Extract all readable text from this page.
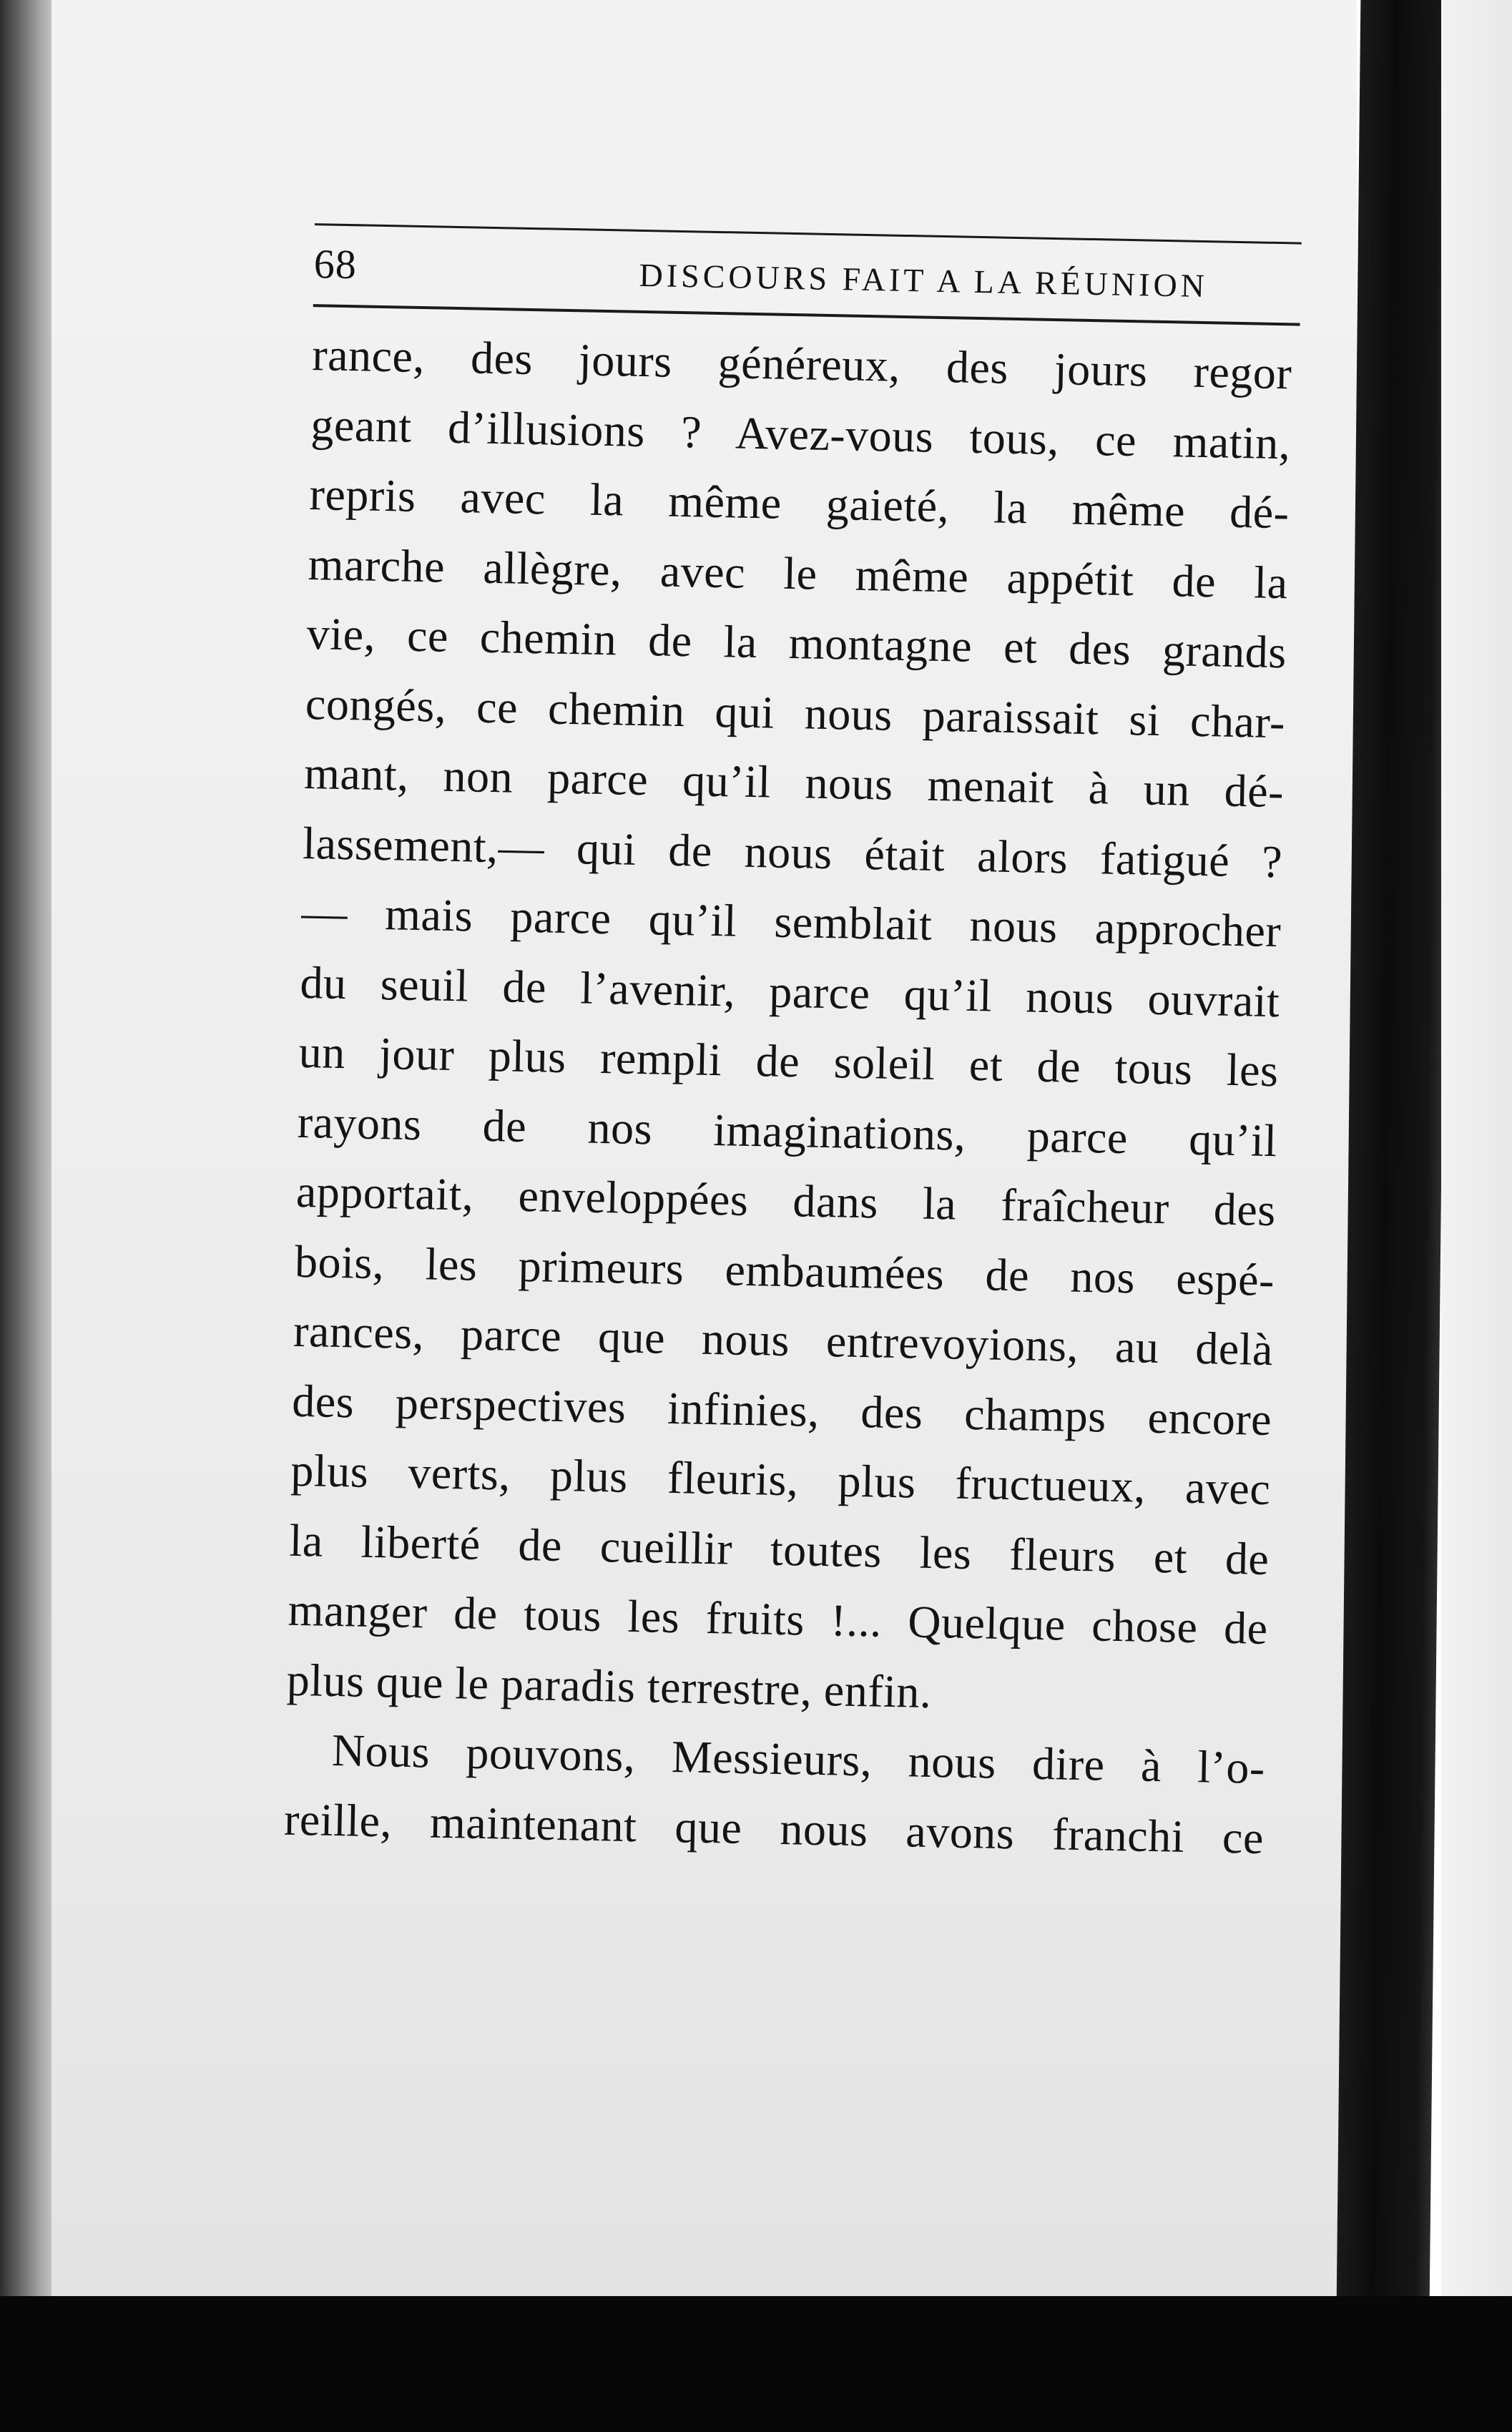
68	DISCOURS FAIT A LA RÉUNION
rance, des jours généreux, des jours regor
geant d’illusions ? Avez-vous tous, ce matin,
repris avec la même gaieté, la même dé-
marche allègre, avec le même appétit de la
vie, ce chemin de la montagne et des grands
congés, ce chemin qui nous paraissait si char-
mant, non parce qu’il nous menait à un dé-
lassement,— qui de nous était alors fatigué ?
— mais parce qu’il semblait nous approcher
du seuil de l’avenir, parce qu’il nous ouvrait
un jour plus rempli de soleil et de tous les
rayons de nos imaginations, parce qu’il
apportait, enveloppées dans la fraîcheur des
bois, les primeurs embaumées de nos espé-
rances, parce que nous entrevoyions, au delà
des perspectives infinies, des champs encore
plus verts, plus fleuris, plus fructueux, avec
la liberté de cueillir toutes les fleurs et de
manger de tous les fruits !... Quelque chose de
plus que le paradis terrestre, enfin.
Nous pouvons, Messieurs, nous dire à l’o-
reille, maintenant que nous avons franchi ce
